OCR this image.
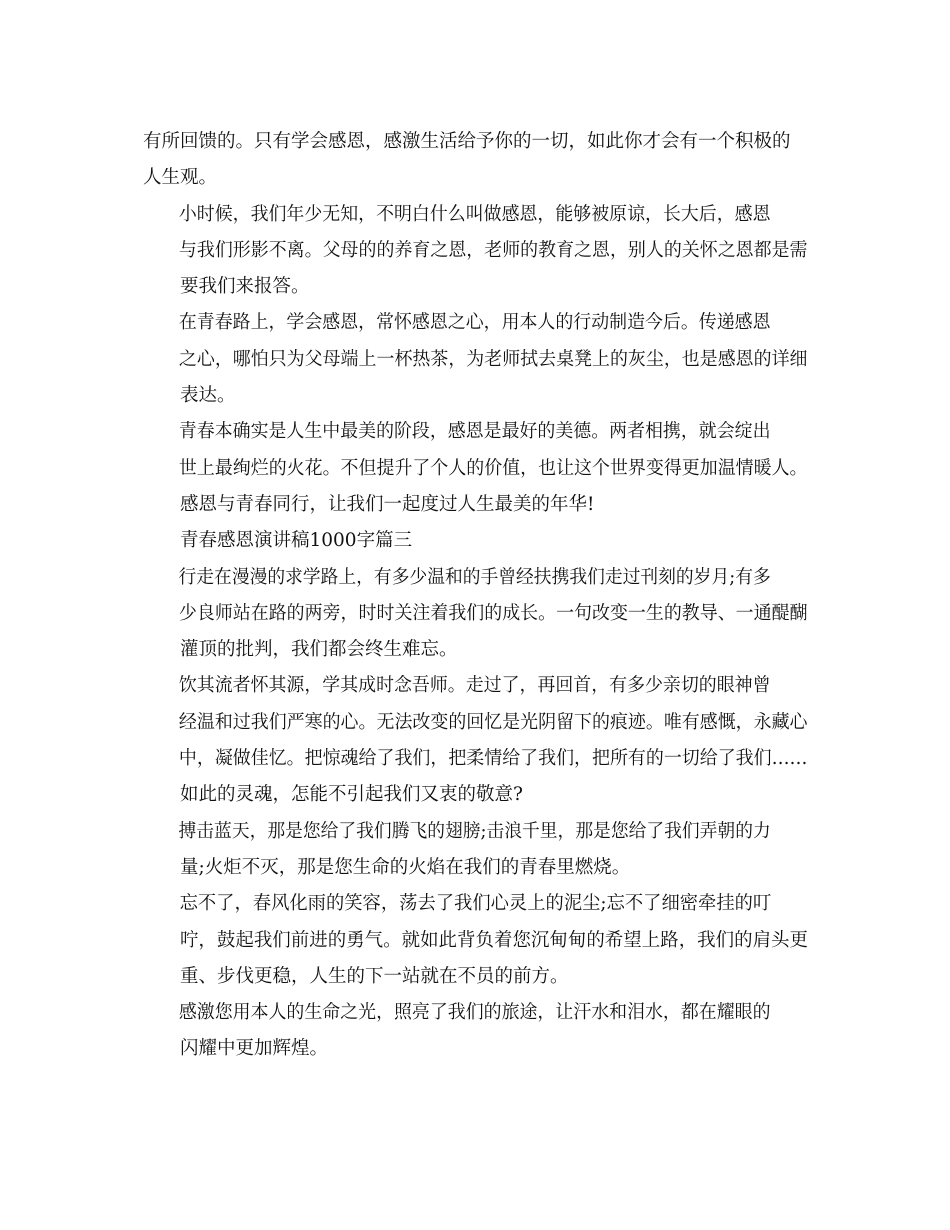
有所回馈的。只有学会感恩，感激生活给予你的一切，如此你才会有一个积极的
人生观。

小时候，我们年少无知，不明白什么叫做感恩，能够被原谅，长大后，感恩
与我们形影不离。父母的的养育之恩，老师的教育之恩，别人的关怀之恩都是需
要我们来报答。

在青春路上，学会感恩，常怀感恩之心，用本人的行动制造今后。传递感恩
之心，哪怕只为父母端上一杯热茶，为老师拭去桌凳上的灰尘，也是感恩的详细
表达。

青春本确实是人生中最美的阶段，感恩是最好的美德。两者相携，就会绽出
世上最绚烂的火花。不但提升了个人的价值，也让这个世界变得更加温情暖人。

感恩与青春同行，让我们一起度过人生最美的年华!

青春感恩演讲稿1000字篇三

行走在漫漫的求学路上，有多少温和的手曾经扶携我们走过刊刻的岁月;有多
少良师站在路的两旁，时时关注着我们的成长。一句改变一生的教导、一通醍醐
灌顶的批判，我们都会终生难忘。

饮其流者怀其源，学其成时念吾师。走过了，再回首，有多少亲切的眼神曾
经温和过我们严寒的心。无法改变的回忆是光阴留下的痕迹。唯有感慨，永藏心
中，凝做佳忆。把惊魂给了我们，把柔情给了我们，把所有的一切给了我们……
如此的灵魂，怎能不引起我们又衷的敬意?

搏击蓝天，那是您给了我们腾飞的翅膀;击浪千里，那是您给了我们弄朝的力
量;火炬不灭，那是您生命的火焰在我们的青春里燃烧。

忘不了，春风化雨的笑容，荡去了我们心灵上的泥尘;忘不了细密牵挂的叮
咛，鼓起我们前进的勇气。就如此背负着您沉甸甸的希望上路，我们的肩头更
重、步伐更稳，人生的下一站就在不员的前方。

感激您用本人的生命之光，照亮了我们的旅途，让汗水和泪水，都在耀眼的
闪耀中更加辉煌。
